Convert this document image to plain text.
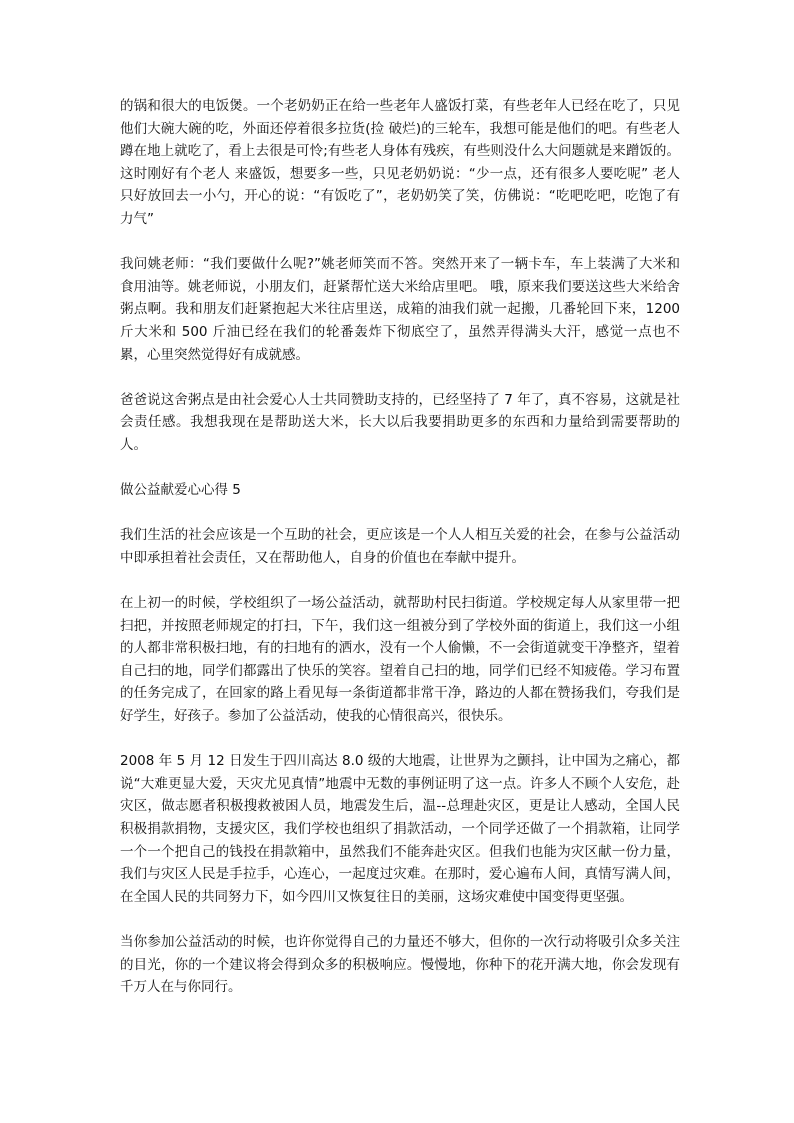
的锅和很大的电饭煲。一个老奶奶正在给一些老年人盛饭打菜，有些老年人已经在吃了，只见他们大碗大碗的吃，外面还停着很多拉货(捡 破烂)的三轮车，我想可能是他们的吧。有些老人蹲在地上就吃了，看上去很是可怜;有些老人身体有残疾，有些则没什么大问题就是来蹭饭的。这时刚好有个老人 来盛饭，想要多一些，只见老奶奶说：“少一点，还有很多人要吃呢” 老人只好放回去一小勺，开心的说：“有饭吃了”，老奶奶笑了笑，仿佛说：“吃吧吃吧，吃饱了有力气”

我问姚老师：“我们要做什么呢?”姚老师笑而不答。突然开来了一辆卡车，车上装满了大米和食用油等。姚老师说，小朋友们，赶紧帮忙送大米给店里吧。 哦，原来我们要送这些大米给舍粥点啊。我和朋友们赶紧抱起大米往店里送，成箱的油我们就一起搬，几番轮回下来，1200 斤大米和 500 斤油已经在我们的轮番轰炸下彻底空了，虽然弄得满头大汗，感觉一点也不累，心里突然觉得好有成就感。

爸爸说这舍粥点是由社会爱心人士共同赞助支持的，已经坚持了 7 年了，真不容易，这就是社会责任感。我想我现在是帮助送大米，长大以后我要捐助更多的东西和力量给到需要帮助的人。

做公益献爱心心得 5

我们生活的社会应该是一个互助的社会，更应该是一个人人相互关爱的社会，在参与公益活动中即承担着社会责任，又在帮助他人，自身的价值也在奉献中提升。

在上初一的时候，学校组织了一场公益活动，就帮助村民扫街道。学校规定每人从家里带一把扫把，并按照老师规定的打扫，下午，我们这一组被分到了学校外面的街道上，我们这一小组的人都非常积极扫地，有的扫地有的洒水，没有一个人偷懒，不一会街道就变干净整齐，望着自己扫的地，同学们都露出了快乐的笑容。望着自己扫的地，同学们已经不知疲倦。学习布置的任务完成了，在回家的路上看见每一条街道都非常干净，路边的人都在赞扬我们，夸我们是好学生，好孩子。参加了公益活动，使我的心情很高兴，很快乐。

2008 年 5 月 12 日发生于四川高达 8.0 级的大地震，让世界为之颤抖，让中国为之痛心，都说“大难更显大爱，天灾尤见真情”地震中无数的事例证明了这一点。许多人不顾个人安危，赴灾区，做志愿者积极搜救被困人员，地震发生后，温--总理赴灾区，更是让人感动，全国人民积极捐款捐物，支援灾区，我们学校也组织了捐款活动，一个同学还做了一个捐款箱，让同学一个一个把自己的钱投在捐款箱中，虽然我们不能奔赴灾区。但我们也能为灾区献一份力量，我们与灾区人民是手拉手，心连心，一起度过灾难。在那时，爱心遍布人间，真情写满人间，在全国人民的共同努力下，如今四川又恢复往日的美丽，这场灾难使中国变得更坚强。

当你参加公益活动的时候，也许你觉得自己的力量还不够大，但你的一次行动将吸引众多关注的目光，你的一个建议将会得到众多的积极响应。慢慢地，你种下的花开满大地，你会发现有千万人在与你同行。
